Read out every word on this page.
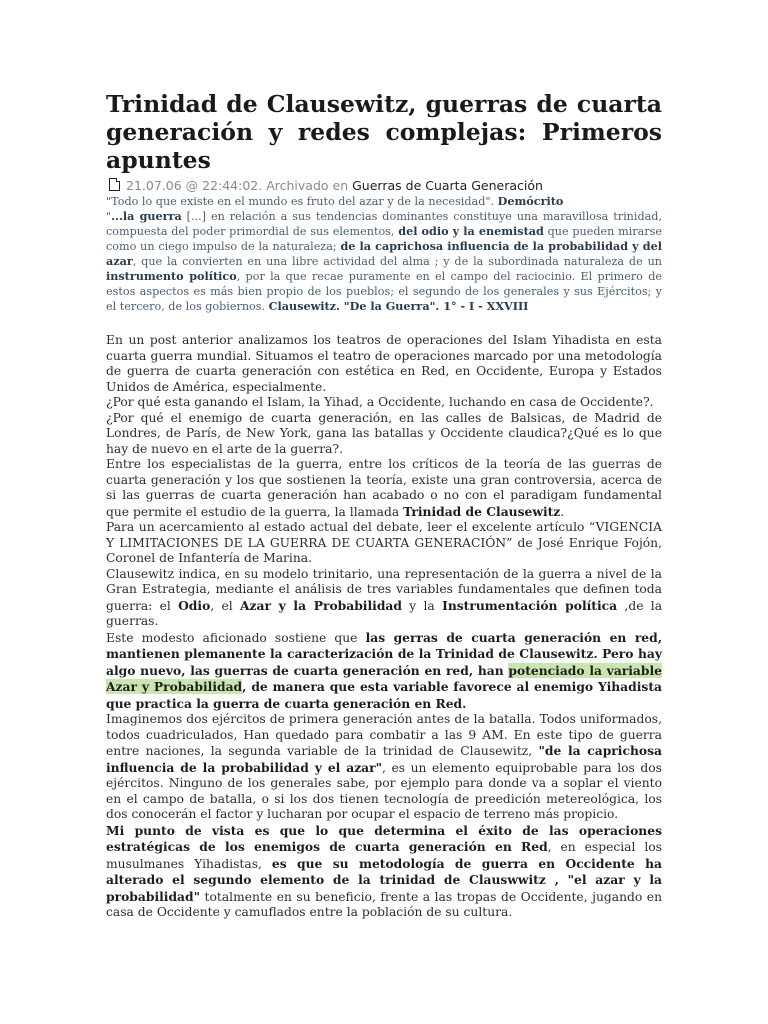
Trinidad de Clausewitz, guerras de cuarta generación y redes complejas: Primeros apuntes
21.07.06 @ 22:44:02. Archivado en Guerras de Cuarta Generación
"Todo lo que existe en el mundo es fruto del azar y de la necesidad". Demócrito
"...la guerra [...] en relación a sus tendencias dominantes constituye una maravillosa trinidad, compuesta del poder primordial de sus elementos, del odio y la enemistad que pueden mirarse como un ciego impulso de la naturaleza; de la caprichosa influencia de la probabilidad y del azar, que la convierten en una libre actividad del alma ; y de la subordinada naturaleza de un instrumento político, por la que recae puramente en el campo del raciocinio. El primero de estos aspectos es más bien propio de los pueblos; el segundo de los generales y sus Ejércitos; y el tercero, de los gobiernos. Clausewitz. "De la Guerra". 1° - I - XXVIII

En un post anterior analizamos los teatros de operaciones del Islam Yihadista en esta cuarta guerra mundial. Situamos el teatro de operaciones marcado por una metodología de guerra de cuarta generación con estética en Red, en Occidente, Europa y Estados Unidos de América, especialmente.

¿Por qué esta ganando el Islam, la Yihad, a Occidente, luchando en casa de Occidente?.

¿Por qué el enemigo de cuarta generación, en las calles de Balsicas, de Madrid de Londres, de París, de New York, gana las batallas y Occidente claudica?¿Qué es lo que hay de nuevo en el arte de la guerra?.

Entre los especialistas de la guerra, entre los críticos de la teoría de las guerras de cuarta generación y los que sostienen la teoría, existe una gran controversia, acerca de si las guerras de cuarta generación han acabado o no con el paradigam fundamental que permite el estudio de la guerra, la llamada Trinidad de Clausewitz.

Para un acercamiento al estado actual del debate, leer el excelente artículo “VIGENCIA Y LIMITACIONES DE LA GUERRA DE CUARTA GENERACIÓN” de José Enrique Fojón, Coronel de Infantería de Marina.

Clausewitz indica, en su modelo trinitario, una representación de la guerra a nivel de la Gran Estrategia, mediante el análisis de tres variables fundamentales que definen toda guerra: el Odio, el Azar y la Probabilidad y la Instrumentación política ,de la guerras.

Este modesto aficionado sostiene que las gerras de cuarta generación en red, mantienen plemanente la caracterización de la Trinidad de Clausewitz. Pero hay algo nuevo, las guerras de cuarta generación en red, han potenciado la variable Azar y Probabilidad, de manera que esta variable favorece al enemigo Yihadista que practica la guerra de cuarta generación en Red.

Imaginemos dos ejércitos de primera generación antes de la batalla. Todos uniformados, todos cuadriculados, Han quedado para combatir a las 9 AM. En este tipo de guerra entre naciones, la segunda variable de la trinidad de Clausewitz, "de la caprichosa influencia de la probabilidad y el azar", es un elemento equiprobable para los dos ejércitos. Ninguno de los generales sabe, por ejemplo para donde va a soplar el viento en el campo de batalla, o si los dos tienen tecnología de preedición metereológica, los dos conocerán el factor y lucharan por ocupar el espacio de terreno más propicio.

Mi punto de vista es que lo que determina el éxito de las operaciones estratégicas de los enemigos de cuarta generación en Red, en especial los musulmanes Yihadistas, es que su metodología de guerra en Occidente ha alterado el segundo elemento de la trinidad de Clauswwitz , "el azar y la probabilidad" totalmente en su beneficio, frente a las tropas de Occidente, jugando en casa de Occidente y camuflados entre la población de su cultura.
